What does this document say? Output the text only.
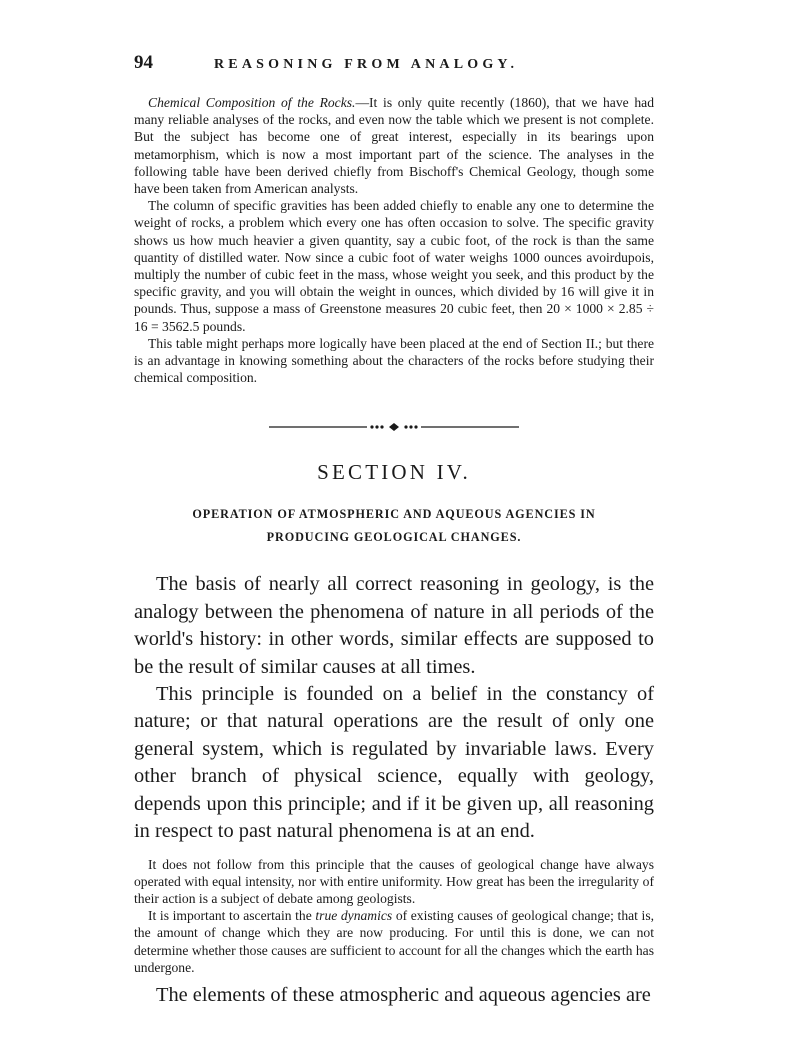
94	REASONING FROM ANALOGY.

Chemical Composition of the Rocks.—It is only quite recently (1860), that we have had many reliable analyses of the rocks, and even now the table which we present is not complete. But the subject has become one of great interest, especially in its bearings upon metamorphism, which is now a most important part of the science. The analyses in the following table have been derived chiefly from Bischoff's Chemical Geology, though some have been taken from American analysts.

The column of specific gravities has been added chiefly to enable any one to determine the weight of rocks, a problem which every one has often occasion to solve. The specific gravity shows us how much heavier a given quantity, say a cubic foot, of the rock is than the same quantity of distilled water. Now since a cubic foot of water weighs 1000 ounces avoirdupois, multiply the number of cubic feet in the mass, whose weight you seek, and this product by the specific gravity, and you will obtain the weight in ounces, which divided by 16 will give it in pounds. Thus, suppose a mass of Greenstone measures 20 cubic feet, then 20 × 1000 × 2.85 ÷ 16 = 3562.5 pounds.

This table might perhaps more logically have been placed at the end of Section II.; but there is an advantage in knowing something about the characters of the rocks before studying their chemical composition.

SECTION IV.
OPERATION OF ATMOSPHERIC AND AQUEOUS AGENCIES IN
PRODUCING GEOLOGICAL CHANGES.

The basis of nearly all correct reasoning in geology, is the analogy between the phenomena of nature in all periods of the world's history: in other words, similar effects are supposed to be the result of similar causes at all times.

This principle is founded on a belief in the constancy of nature; or that natural operations are the result of only one general system, which is regulated by invariable laws. Every other branch of physical science, equally with geology, depends upon this principle; and if it be given up, all reasoning in respect to past natural phenomena is at an end.

It does not follow from this principle that the causes of geological change have always operated with equal intensity, nor with entire uniformity. How great has been the irregularity of their action is a subject of debate among geologists.

It is important to ascertain the true dynamics of existing causes of geological change; that is, the amount of change which they are now producing. For until this is done, we can not determine whether those causes are sufficient to account for all the changes which the earth has undergone.

The elements of these atmospheric and aqueous agencies are
